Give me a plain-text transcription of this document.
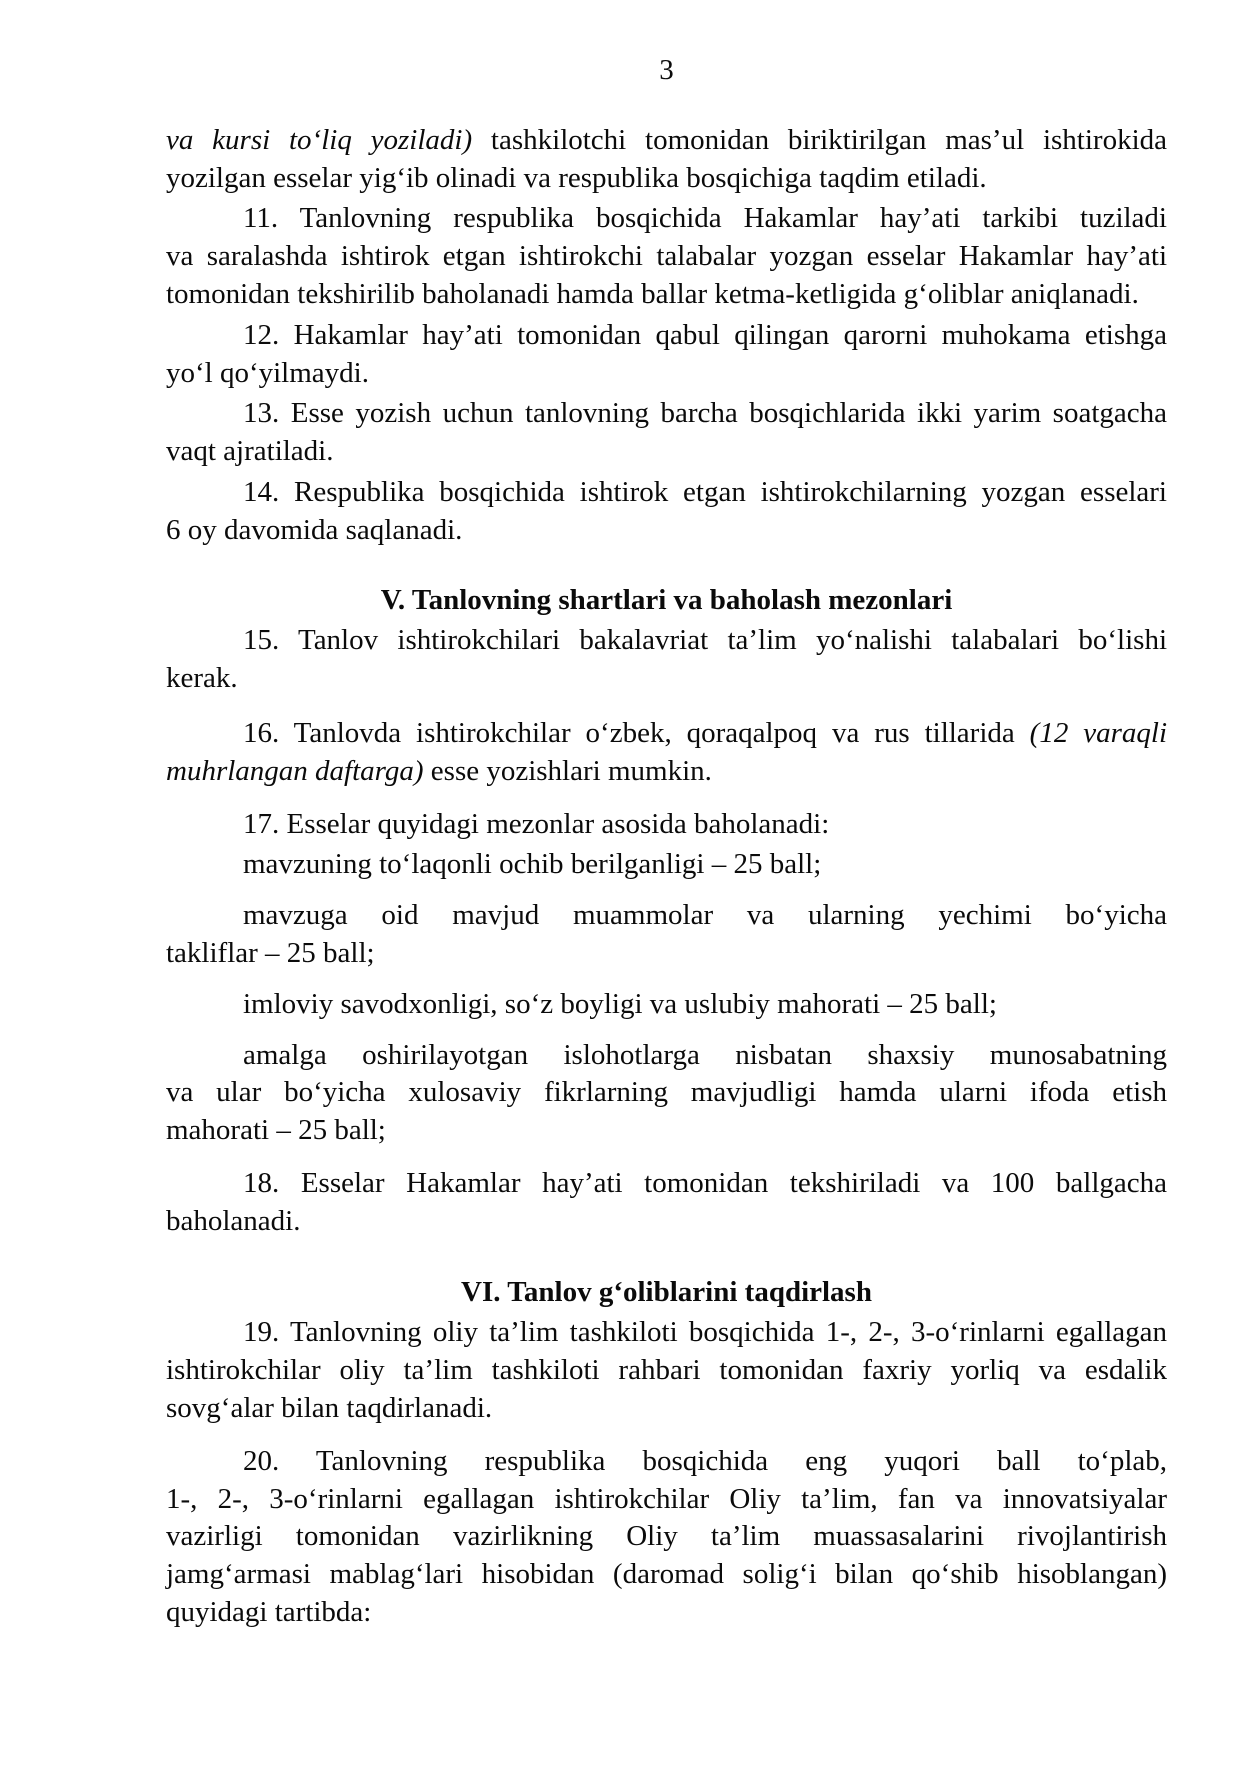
3
va kursi to‘liq yoziladi) tashkilotchi tomonidan biriktirilgan mas’ul ishtirokida
yozilgan esselar yig‘ib olinadi va respublika bosqichiga taqdim etiladi.
11. Tanlovning respublika bosqichida Hakamlar hay’ati tarkibi tuziladi
va saralashda ishtirok etgan ishtirokchi talabalar yozgan esselar Hakamlar hay’ati
tomonidan tekshirilib baholanadi hamda ballar ketma-ketligida g‘oliblar aniqlanadi.
12. Hakamlar hay’ati tomonidan qabul qilingan qarorni muhokama etishga
yo‘l qo‘yilmaydi.
13. Esse yozish uchun tanlovning barcha bosqichlarida ikki yarim soatgacha
vaqt ajratiladi.
14. Respublika bosqichida ishtirok etgan ishtirokchilarning yozgan esselari
6 oy davomida saqlanadi.
V. Tanlovning shartlari va baholash mezonlari
15. Tanlov ishtirokchilari bakalavriat ta’lim yo‘nalishi talabalari bo‘lishi
kerak.
16. Tanlovda ishtirokchilar o‘zbek, qoraqalpoq va rus tillarida (12 varaqli
muhrlangan daftarga) esse yozishlari mumkin.
17. Esselar quyidagi mezonlar asosida baholanadi:
mavzuning to‘laqonli ochib berilganligi – 25 ball;
mavzuga oid mavjud muammolar va ularning yechimi bo‘yicha
takliflar – 25 ball;
imloviy savodxonligi, so‘z boyligi va uslubiy mahorati – 25 ball;
amalga oshirilayotgan islohotlarga nisbatan shaxsiy munosabatning
va ular bo‘yicha xulosaviy fikrlarning mavjudligi hamda ularni ifoda etish
mahorati – 25 ball;
18. Esselar Hakamlar hay’ati tomonidan tekshiriladi va 100 ballgacha
baholanadi.
VI. Tanlov g‘oliblarini taqdirlash
19. Tanlovning oliy ta’lim tashkiloti bosqichida 1-, 2-, 3-o‘rinlarni egallagan
ishtirokchilar oliy ta’lim tashkiloti rahbari tomonidan faxriy yorliq va esdalik
sovg‘alar bilan taqdirlanadi.
20. Tanlovning respublika bosqichida eng yuqori ball to‘plab,
1-, 2-, 3-o‘rinlarni egallagan ishtirokchilar Oliy ta’lim, fan va innovatsiyalar
vazirligi tomonidan vazirlikning Oliy ta’lim muassasalarini rivojlantirish
jamg‘armasi mablag‘lari hisobidan (daromad solig‘i bilan qo‘shib hisoblangan)
quyidagi tartibda:
